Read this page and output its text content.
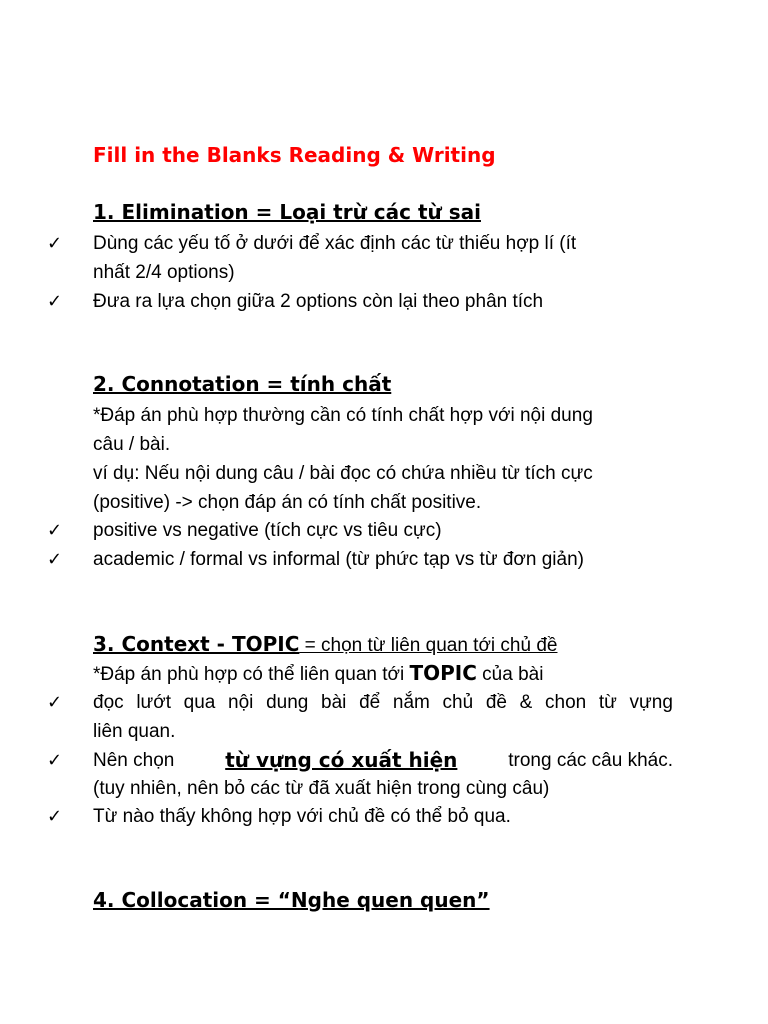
Fill in the Blanks Reading & Writing
1. Elimination = Loại trừ các từ sai
✓ Dùng các yếu tố ở dưới để xác định các từ thiếu hợp lí (ít
nhất 2/4 options)
✓ Đưa ra lựa chọn giữa 2 options còn lại theo phân tích
2. Connotation = tính chất
*Đáp án phù hợp thường cần có tính chất hợp với nội dung
câu / bài.
ví dụ: Nếu nội dung câu / bài đọc có chứa nhiều từ tích cực
(positive) -> chọn đáp án có tính chất positive.
✓ positive vs negative (tích cực vs tiêu cực)
✓ academic / formal vs informal (từ phức tạp vs từ đơn giản)
3. Context - TOPIC = chọn từ liên quan tới chủ đề
*Đáp án phù hợp có thể liên quan tới TOPIC của bài
✓ đọc lướt qua nội dung bài để nắm chủ đề & chon từ vựng
liên quan.
✓ Nên chọn	từ vựng có xuất hiện	trong các câu khác.
(tuy nhiên, nên bỏ các từ đã xuất hiện trong cùng câu)
✓ Từ nào thấy không hợp với chủ đề có thể bỏ qua.
4. Collocation = “Nghe quen quen”
